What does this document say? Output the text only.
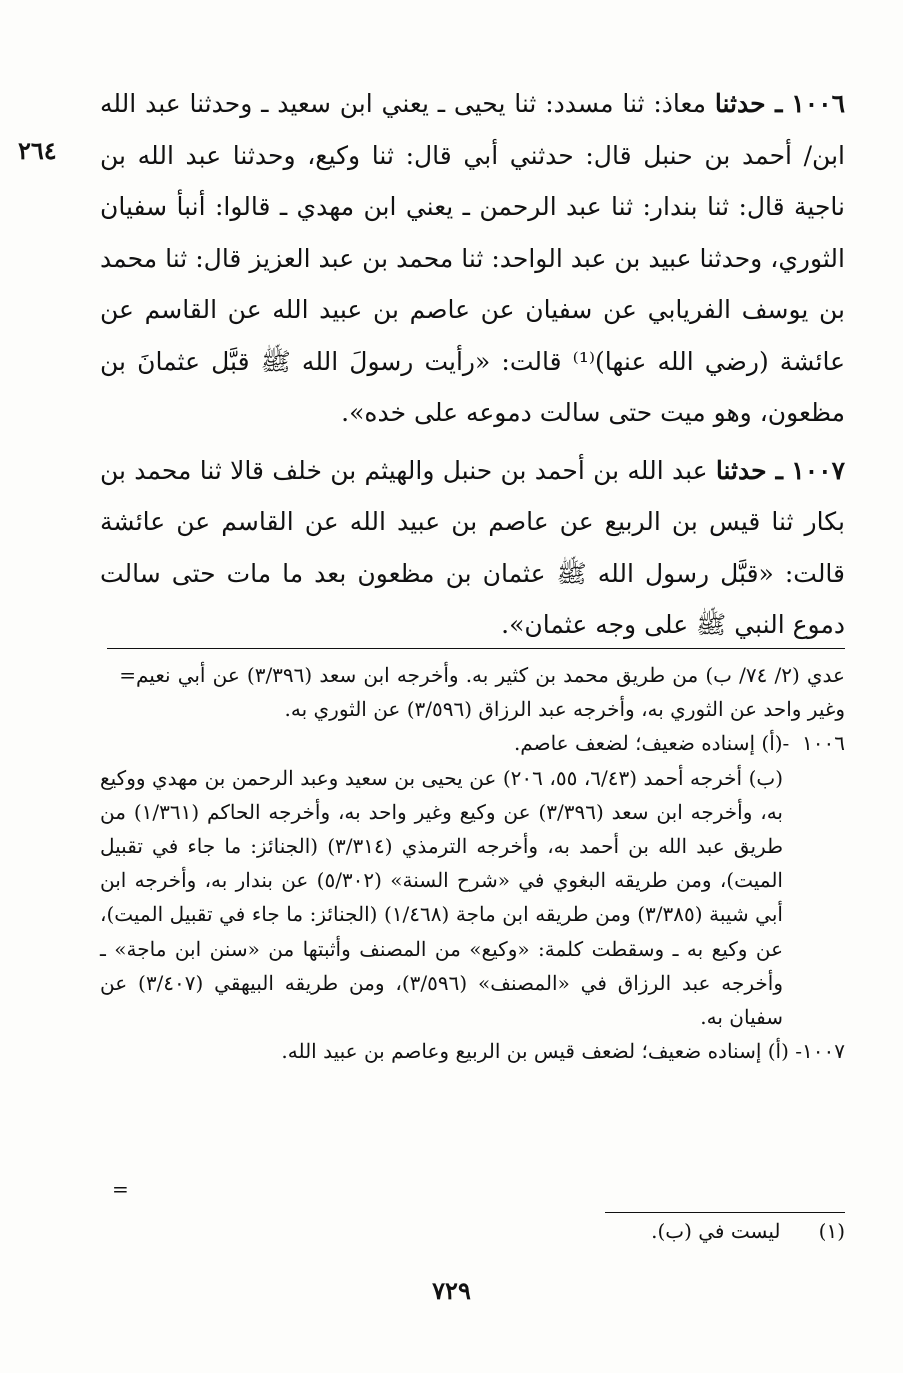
٢٦٤

١٠٠٦ ـ حدثنا معاذ: ثنا مسدد: ثنا يحيى ـ يعني ابن سعيد ـ وحدثنا عبد الله ابن/ أحمد بن حنبل قال: حدثني أبي قال: ثنا وكيع، وحدثنا عبد الله بن ناجية قال: ثنا بندار: ثنا عبد الرحمن ـ يعني ابن مهدي ـ قالوا: أنبأ سفيان الثوري، وحدثنا عبيد بن عبد الواحد: ثنا محمد بن عبد العزيز قال: ثنا محمد بن يوسف الفريابي عن سفيان عن عاصم بن عبيد الله عن القاسم عن عائشة (رضي الله عنها)⁽¹⁾ قالت: «رأيت رسولَ الله ﷺ قبَّل عثمانَ بن مظعون، وهو ميت حتى سالت دموعه على خده».

١٠٠٧ ـ حدثنا عبد الله بن أحمد بن حنبل والهيثم بن خلف قالا ثنا محمد بن بكار ثنا قيس بن الربيع عن عاصم بن عبيد الله عن القاسم عن عائشة قالت: «قبَّل رسول الله ﷺ عثمان بن مظعون بعد ما مات حتى سالت دموع النبي ﷺ على وجه عثمان».

عدي (٢/ ٧٤/ ب) من طريق محمد بن كثير به. وأخرجه ابن سعد (٣/٣٩٦) عن أبي نعيم وغير واحد عن الثوري به، وأخرجه عبد الرزاق (٣/٥٩٦) عن الثوري به.
=
١٠٠٦

-(أ) إسناده ضعيف؛ لضعف عاصم.
(ب) أخرجه أحمد (٦/٤٣، ٥٥، ٢٠٦) عن يحيى بن سعيد وعبد الرحمن بن مهدي ووكيع به، وأخرجه ابن سعد (٣/٣٩٦) عن وكيع وغير واحد به، وأخرجه الحاكم (١/٣٦١) من طريق عبد الله بن أحمد به، وأخرجه الترمذي (٣/٣١٤) (الجنائز: ما جاء في تقبيل الميت)، ومن طريقه البغوي في «شرح السنة» (٥/٣٠٢) عن بندار به، وأخرجه ابن أبي شيبة (٣/٣٨٥) ومن طريقه ابن ماجة (١/٤٦٨) (الجنائز: ما جاء في تقبيل الميت)، عن وكيع به ـ وسقطت كلمة: «وكيع» من المصنف وأثبتها من «سنن ابن ماجة» ـ وأخرجه عبد الرزاق في «المصنف» (٣/٥٩٦)، ومن طريقه البيهقي (٣/٤٠٧) عن سفيان به.
١٠٠٧- (أ) إسناده ضعيف؛ لضعف قيس بن الربيع وعاصم بن عبيد الله.
=
(١)      ليست في (ب).
٧٢٩
